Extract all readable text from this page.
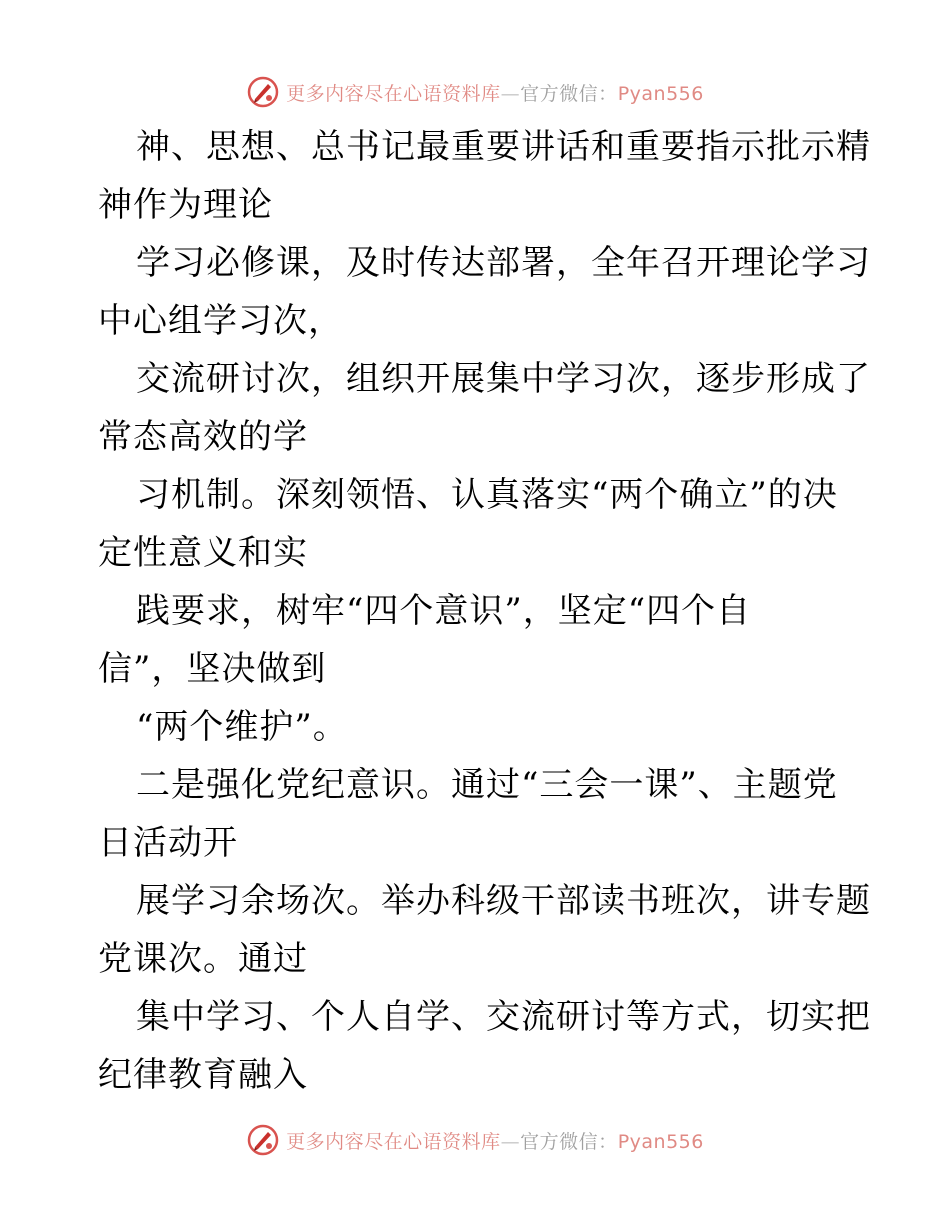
更多内容尽在心语资料库—官方微信：Pyan556
神、思想、总书记最重要讲话和重要指示批示精
神作为理论
学习必修课，及时传达部署，全年召开理论学习
中心组学习次，
交流研讨次，组织开展集中学习次，逐步形成了
常态高效的学
习机制。深刻领悟、认真落实“两个确立”的决
定性意义和实
践要求，树牢“四个意识”，坚定“四个自
信”，坚决做到
“两个维护”。
二是强化党纪意识。通过“三会一课”、主题党
日活动开
展学习余场次。举办科级干部读书班次，讲专题
党课次。通过
集中学习、个人自学、交流研讨等方式，切实把
纪律教育融入
更多内容尽在心语资料库—官方微信：Pyan556
